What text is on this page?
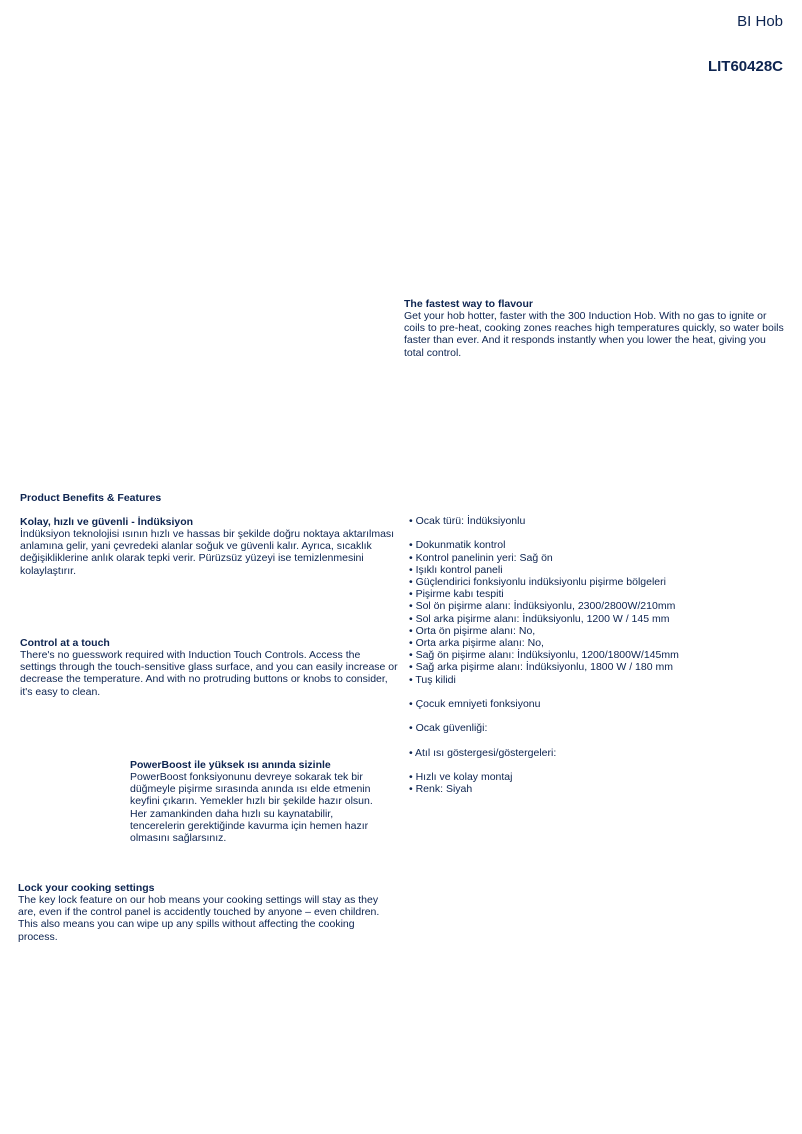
BI Hob
LIT60428C
The fastest way to flavour

Get your hob hotter, faster with the 300 Induction Hob. With no gas to ignite or coils to pre-heat, cooking zones reaches high temperatures quickly, so water boils faster than ever. And it responds instantly when you lower the heat, giving you total control.

Product Benefits & Features
Kolay, hızlı ve güvenli - İndüksiyon

İndüksiyon teknolojisi ısının hızlı ve hassas bir şekilde doğru noktaya aktarılması anlamına gelir, yani çevredeki alanlar soğuk ve güvenli kalır. Ayrıca, sıcaklık değişikliklerine anlık olarak tepki verir. Pürüzsüz yüzeyi ise temizlenmesini kolaylaştırır.

Control at a touch

There's no guesswork required with Induction Touch Controls. Access the settings through the touch-sensitive glass surface, and you can easily increase or decrease the temperature. And with no protruding buttons or knobs to consider, it's easy to clean.

PowerBoost ile yüksek ısı anında sizinle

PowerBoost fonksiyonunu devreye sokarak tek bir düğmeyle pişirme sırasında anında ısı elde etmenin keyfini çıkarın. Yemekler hızlı bir şekilde hazır olsun. Her zamankinden daha hızlı su kaynatabilir, tencerelerin gerektiğinde kavurma için hemen hazır olmasını sağlarsınız.

Lock your cooking settings

The key lock feature on our hob means your cooking settings will stay as they are, even if the control panel is accidently touched by anyone – even children. This also means you can wipe up any spills without affecting the cooking process.

• Ocak türü: İndüksiyonlu
• Dokunmatik kontrol
• Kontrol panelinin yeri: Sağ ön
• Işıklı kontrol paneli
• Güçlendirici fonksiyonlu indüksiyonlu pişirme bölgeleri
• Pişirme kabı tespiti
• Sol ön pişirme alanı: İndüksiyonlu, 2300/2800W/210mm
• Sol arka pişirme alanı: İndüksiyonlu, 1200 W / 145 mm
• Orta ön pişirme alanı: No,
• Orta arka pişirme alanı: No,
• Sağ ön pişirme alanı: İndüksiyonlu, 1200/1800W/145mm
• Sağ arka pişirme alanı: İndüksiyonlu, 1800 W / 180 mm
• Tuş kilidi
• Çocuk emniyeti fonksiyonu
• Ocak güvenliği:
• Atıl ısı göstergesi/göstergeleri:
• Hızlı ve kolay montaj
• Renk: Siyah
